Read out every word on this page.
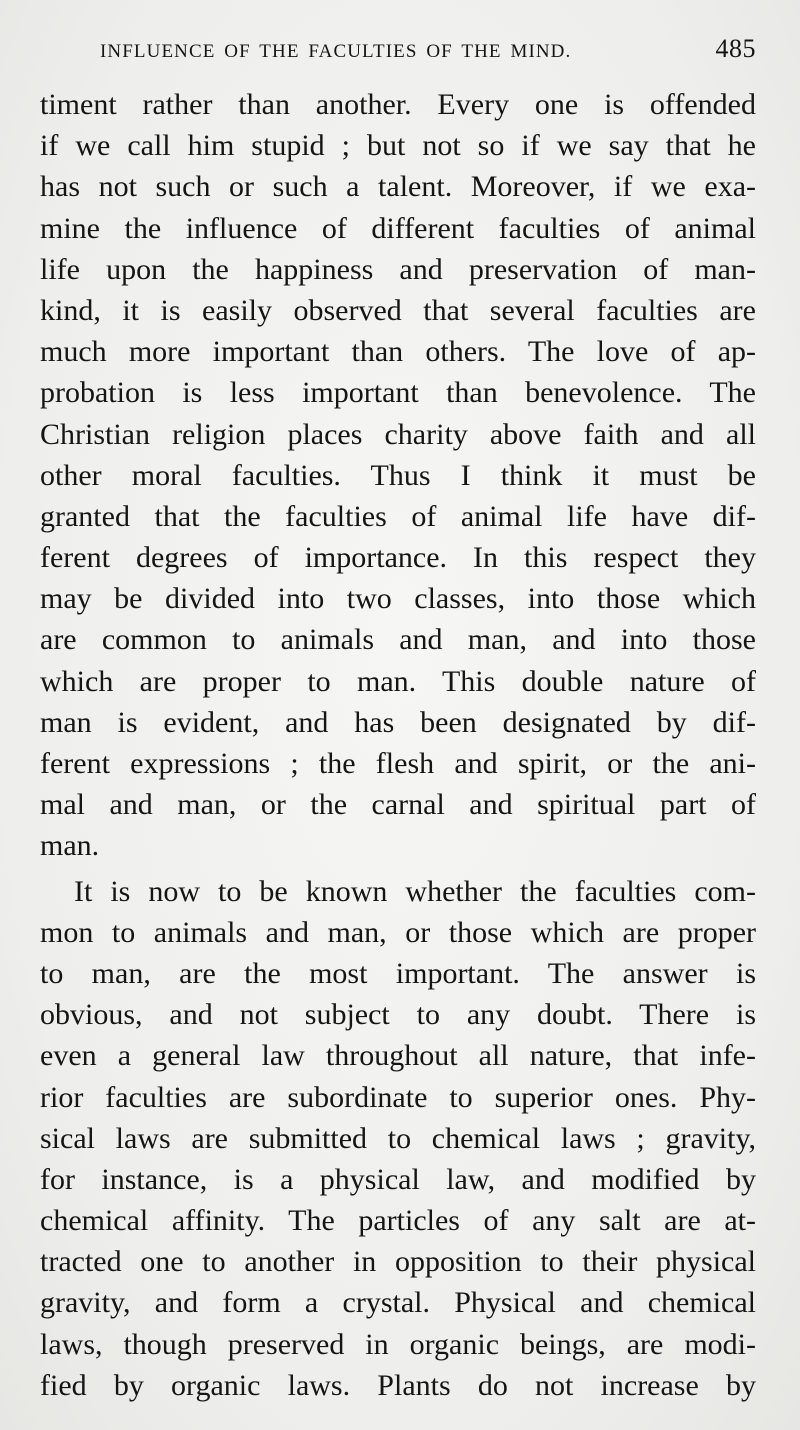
INFLUENCE OF THE FACULTIES OF THE MIND.	485
timent rather than another. Every one is offended
if we call him stupid ; but not so if we say that he
has not such or such a talent. Moreover, if we exa-
mine the influence of different faculties of animal
life upon the happiness and preservation of man-
kind, it is easily observed that several faculties are
much more important than others. The love of ap-
probation is less important than benevolence. The
Christian religion places charity above faith and all
other moral faculties. Thus I think it must be
granted that the faculties of animal life have dif-
ferent degrees of importance. In this respect they
may be divided into two classes, into those which
are common to animals and man, and into those
which are proper to man. This double nature of
man is evident, and has been designated by dif-
ferent expressions ; the flesh and spirit, or the ani-
mal and man, or the carnal and spiritual part of
man.
It is now to be known whether the faculties com-
mon to animals and man, or those which are proper
to man, are the most important. The answer is
obvious, and not subject to any doubt. There is
even a general law throughout all nature, that infe-
rior faculties are subordinate to superior ones. Phy-
sical laws are submitted to chemical laws ; gravity,
for instance, is a physical law, and modified by
chemical affinity. The particles of any salt are at-
tracted one to another in opposition to their physical
gravity, and form a crystal. Physical and chemical
laws, though preserved in organic beings, are modi-
fied by organic laws. Plants do not increase by
